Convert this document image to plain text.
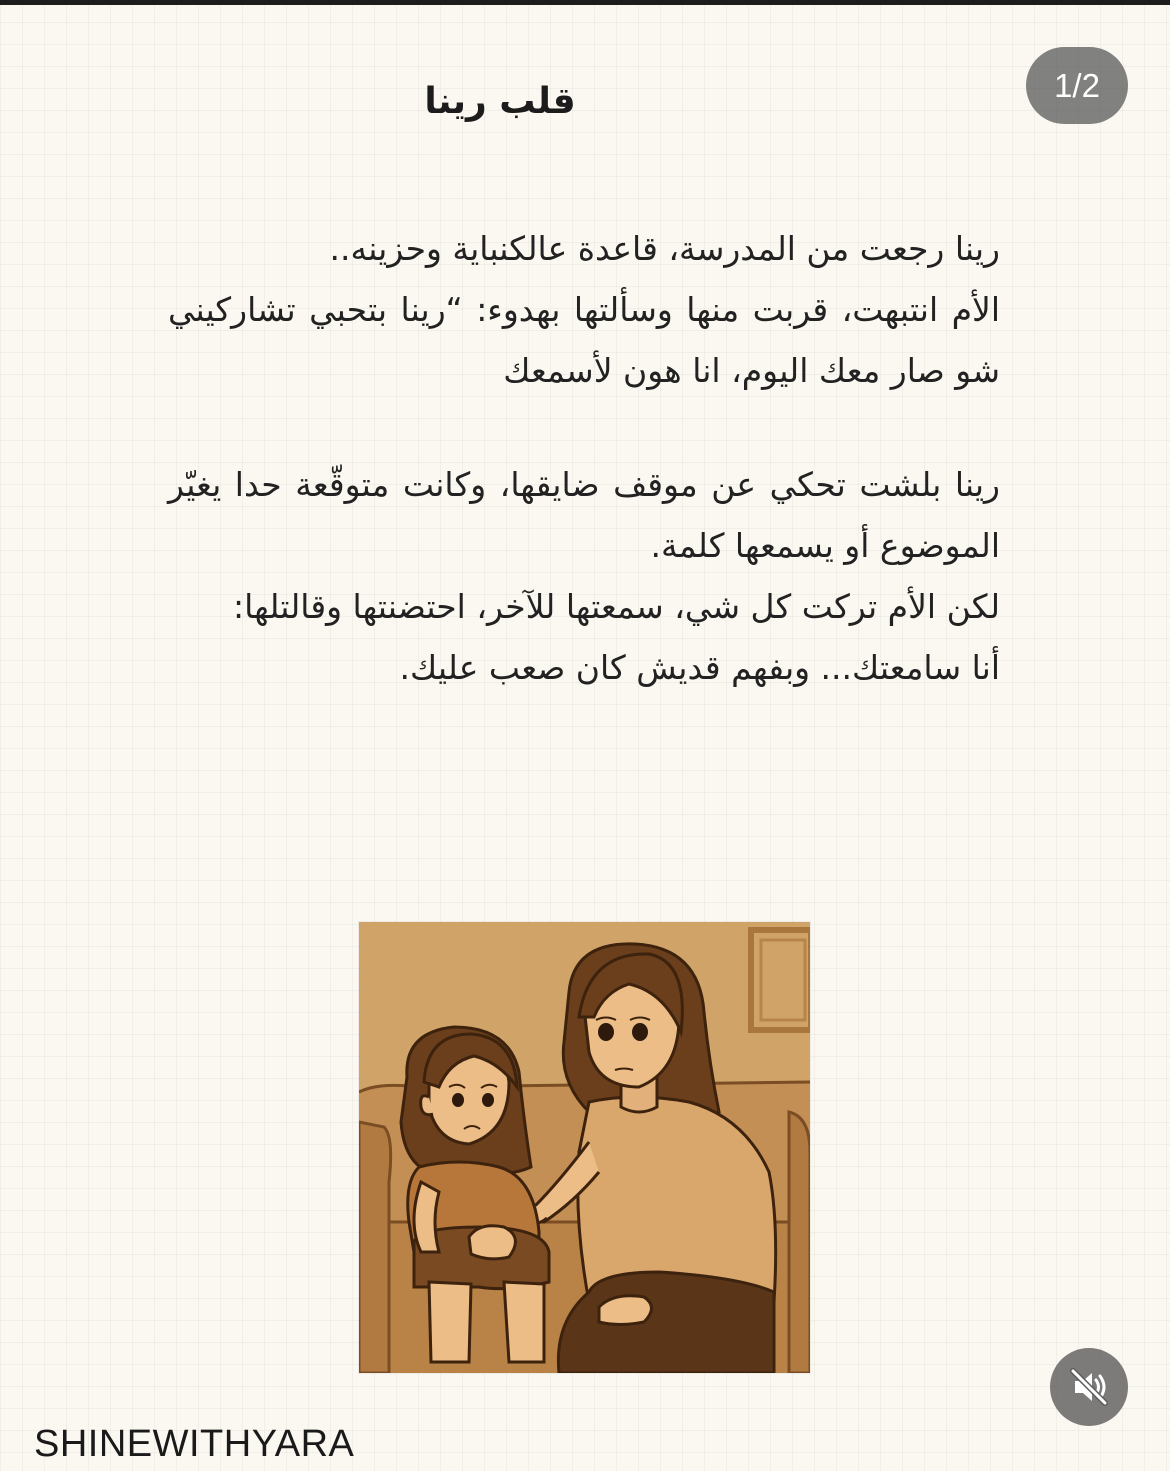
1/2
قلب رينا

رينا رجعت من المدرسة، قاعدة عالكنباية وحزينه..

الأم انتبهت، قربت منها وسألتها بهدوء: “رينا بتحبي تشاركيني شو صار معك اليوم، انا هون لأسمعك

رينا بلشت تحكي عن موقف ضايقها، وكانت متوقّعة حدا يغيّر الموضوع أو يسمعها كلمة.

لكن الأم تركت كل شي، سمعتها للآخر، احتضنتها وقالتلها:

أنا سامعتك... وبفهم قديش كان صعب عليك.

SHINEWITHYARA
